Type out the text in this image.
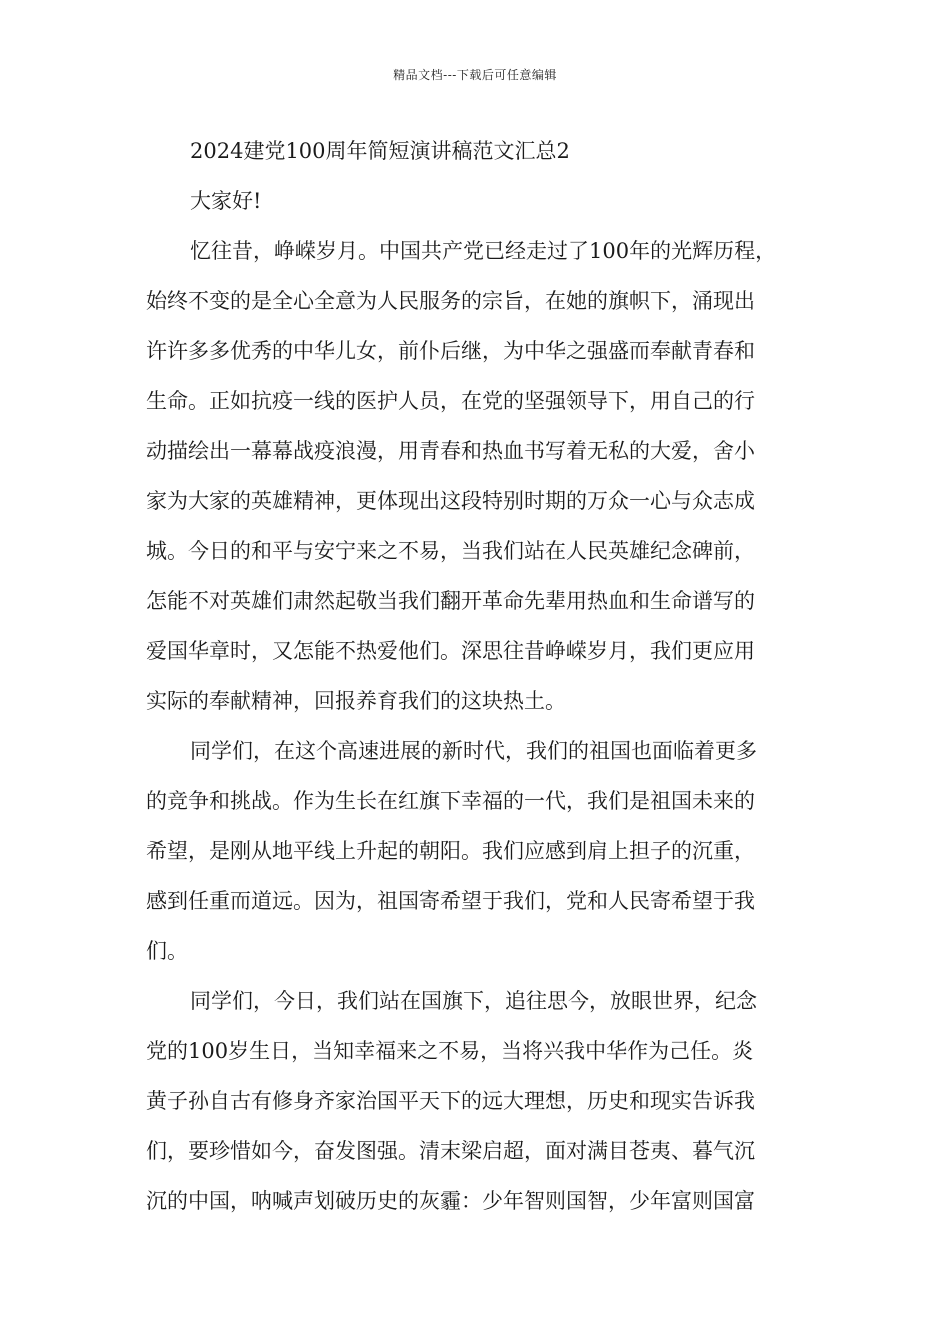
精品文档---下载后可任意编辑
2024建党100周年简短演讲稿范文汇总2
大家好!
忆往昔，峥嵘岁月。中国共产党已经走过了100年的光辉历程，
始终不变的是全心全意为人民服务的宗旨，在她的旗帜下，涌现出
许许多多优秀的中华儿女，前仆后继，为中华之强盛而奉献青春和
生命。正如抗疫一线的医护人员，在党的坚强领导下，用自己的行
动描绘出一幕幕战疫浪漫，用青春和热血书写着无私的大爱，舍小
家为大家的英雄精神，更体现出这段特别时期的万众一心与众志成
城。今日的和平与安宁来之不易，当我们站在人民英雄纪念碑前，
怎能不对英雄们肃然起敬当我们翻开革命先辈用热血和生命谱写的
爱国华章时，又怎能不热爱他们。深思往昔峥嵘岁月，我们更应用
实际的奉献精神，回报养育我们的这块热土。
同学们，在这个高速进展的新时代，我们的祖国也面临着更多
的竞争和挑战。作为生长在红旗下幸福的一代，我们是祖国未来的
希望，是刚从地平线上升起的朝阳。我们应感到肩上担子的沉重，
感到任重而道远。因为，祖国寄希望于我们，党和人民寄希望于我
们。
同学们，今日，我们站在国旗下，追往思今，放眼世界，纪念
党的100岁生日，当知幸福来之不易，当将兴我中华作为己任。炎
黄子孙自古有修身齐家治国平天下的远大理想，历史和现实告诉我
们，要珍惜如今，奋发图强。清末梁启超，面对满目苍夷、暮气沉
沉的中国，呐喊声划破历史的灰霾：少年智则国智，少年富则国富
